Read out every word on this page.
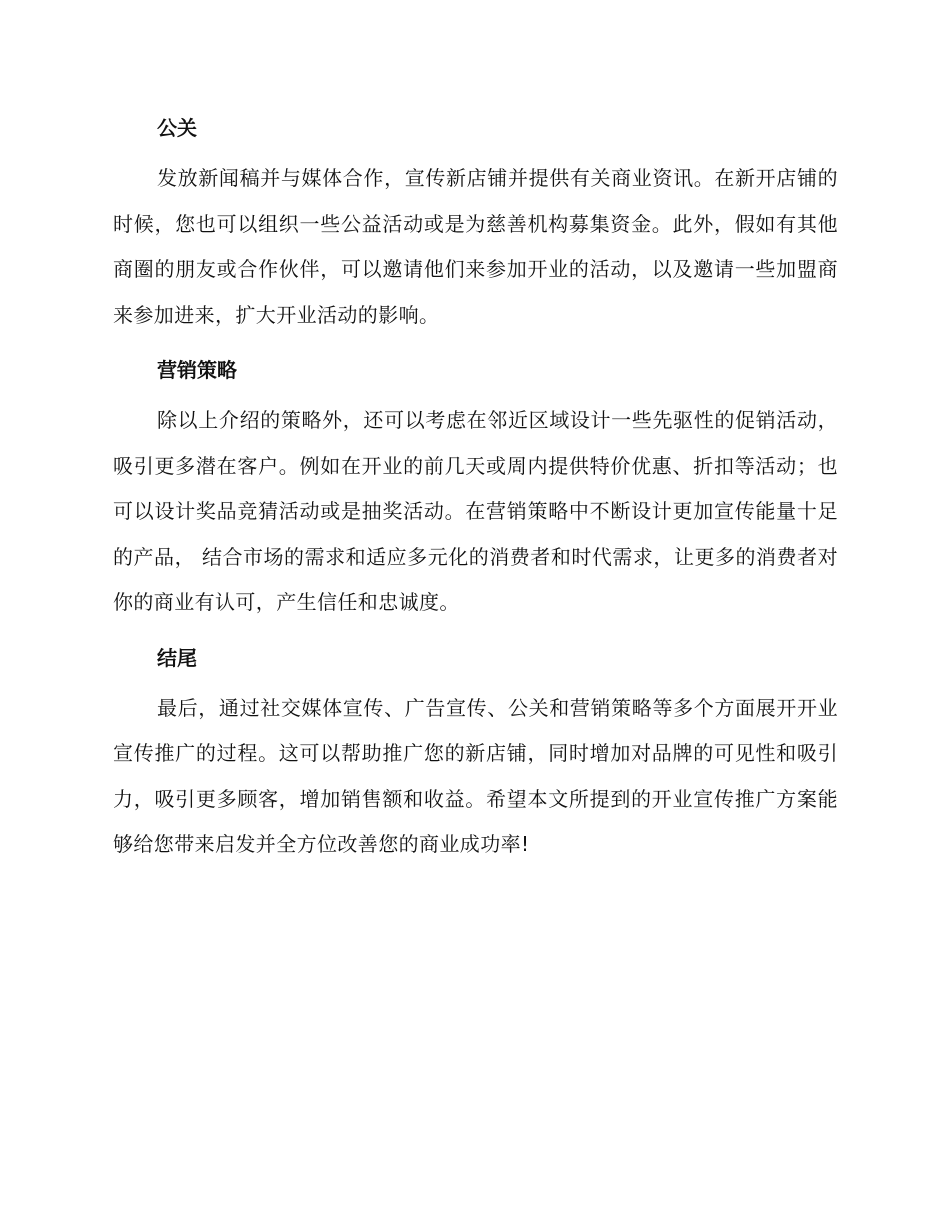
公关

发放新闻稿并与媒体合作，宣传新店铺并提供有关商业资讯。在新开店铺的时候，您也可以组织一些公益活动或是为慈善机构募集资金。此外，假如有其他商圈的朋友或合作伙伴，可以邀请他们来参加开业的活动，以及邀请一些加盟商来参加进来，扩大开业活动的影响。

营销策略

除以上介绍的策略外，还可以考虑在邻近区域设计一些先驱性的促销活动，吸引更多潜在客户。例如在开业的前几天或周内提供特价优惠、折扣等活动；也可以设计奖品竞猜活动或是抽奖活动。在营销策略中不断设计更加宣传能量十足的产品， 结合市场的需求和适应多元化的消费者和时代需求，让更多的消费者对你的商业有认可，产生信任和忠诚度。

结尾

最后，通过社交媒体宣传、广告宣传、公关和营销策略等多个方面展开开业宣传推广的过程。这可以帮助推广您的新店铺，同时增加对品牌的可见性和吸引力，吸引更多顾客，增加销售额和收益。希望本文所提到的开业宣传推广方案能够给您带来启发并全方位改善您的商业成功率!
